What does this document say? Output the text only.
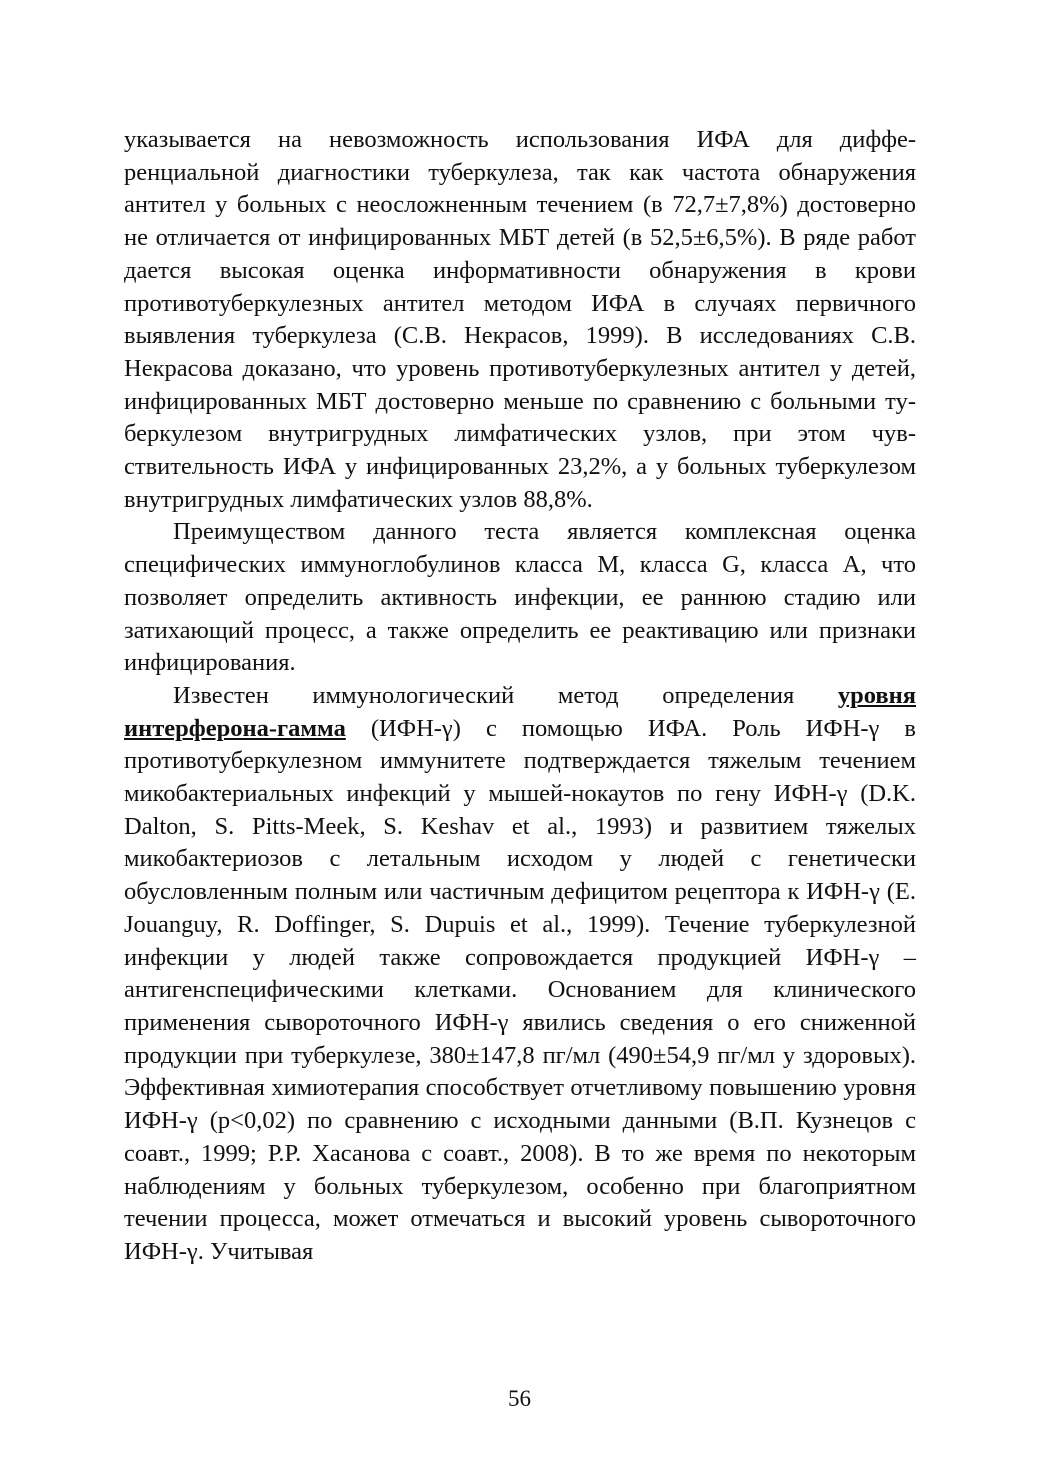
указывается на невозможность использования ИФА для дифференциальной диагностики туберкулеза, так как частота обнаружения антител у больных с неосложненным течением (в 72,7±7,8%) достоверно не отличается от инфицированных МБТ детей (в 52,5±6,5%). В ряде работ дается высокая оценка информативности обнаружения в крови противотуберкулезных антител методом ИФА в случаях первичного выявления туберкулеза (С.В. Некрасов, 1999). В исследованиях С.В. Некрасова доказано, что уровень противотуберкулезных антител у детей, инфицированных МБТ достоверно меньше по сравнению с больными туберкулезом внутригрудных лимфатических узлов, при этом чувствительность ИФА у инфицированных 23,2%, а у больных туберкулезом внутригрудных лимфатических узлов 88,8%.

Преимуществом данного теста является комплексная оценка специфических иммуноглобулинов класса М, класса G, класса А, что позволяет определить активность инфекции, ее раннюю стадию или затихающий процесс, а также определить ее реактивацию или признаки инфицирования.

Известен иммунологический метод определения уровня интерферона-гамма (ИФН-γ) с помощью ИФА. Роль ИФН-γ в противотуберкулезном иммунитете подтверждается тяжелым течением микобактериальных инфекций у мышей-нокаутов по гену ИФН-γ (D.K. Dalton, S. Pitts-Meek, S. Keshav et al., 1993) и развитием тяжелых микобактериозов с летальным исходом у людей с генетически обусловленным полным или частичным дефицитом рецептора к ИФН-γ (E. Jouanguy, R. Doffinger, S. Dupuis et al., 1999). Течение туберкулезной инфекции у людей также сопровождается продукцией ИФН-γ – антигенспецифическими клетками. Основанием для клинического применения сывороточного ИФН-γ явились сведения о его сниженной продукции при туберкулезе, 380±147,8 пг/мл (490±54,9 пг/мл у здоровых). Эффективная химиотерапия способствует отчетливому повышению уровня ИФН-γ (р<0,02) по сравнению с исходными данными (В.П. Кузнецов с соавт., 1999; Р.Р. Хасанова с соавт., 2008). В то же время по некоторым наблюдениям у больных туберкулезом, особенно при благоприятном течении процесса, может отмечаться и высокий уровень сывороточного ИФН-γ. Учитывая

56
